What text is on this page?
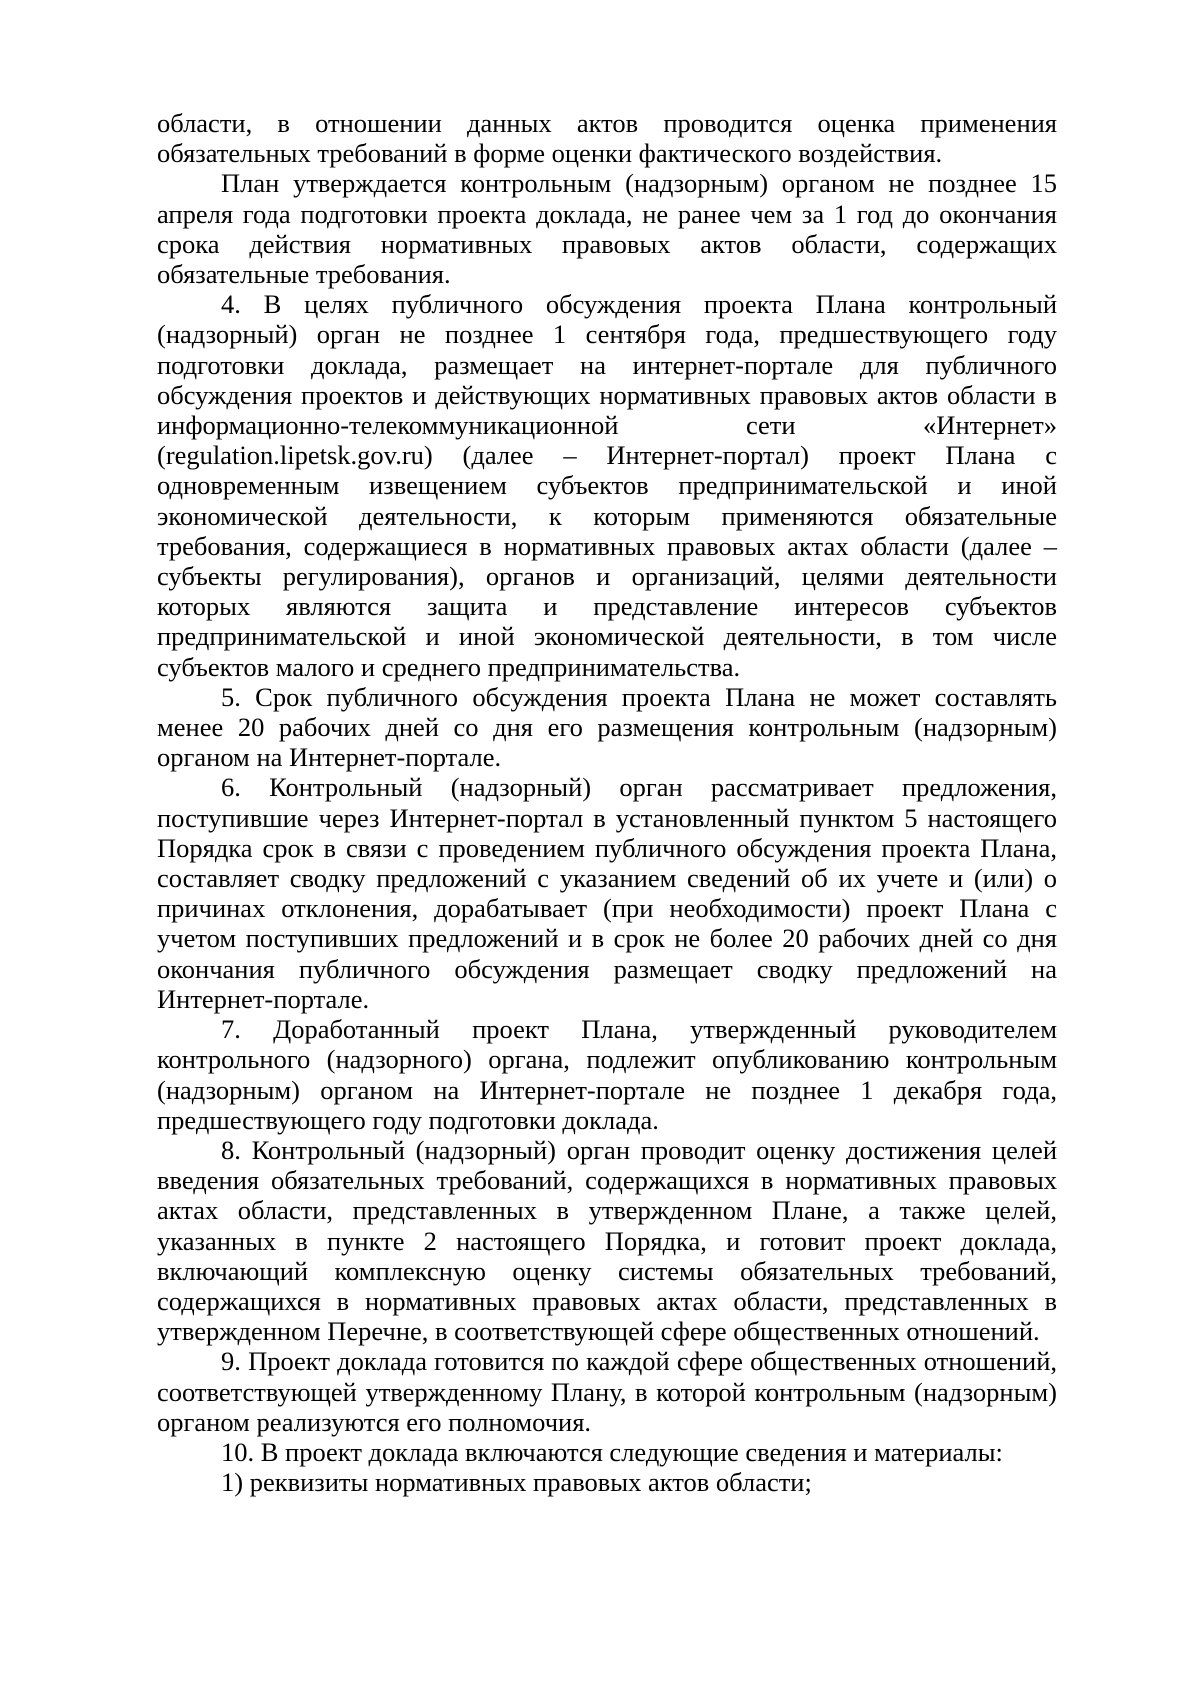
области, в отношении данных актов проводится оценка применения обязательных требований в форме оценки фактического воздействия.

План утверждается контрольным (надзорным) органом не позднее 15 апреля года подготовки проекта доклада, не ранее чем за 1 год до окончания срока действия нормативных правовых актов области, содержащих обязательные требования.

4. В целях публичного обсуждения проекта Плана контрольный (надзорный) орган не позднее 1 сентября года, предшествующего году подготовки доклада, размещает на интернет-портале для публичного обсуждения проектов и действующих нормативных правовых актов области в информационно-телекоммуникационной сети «Интернет» (regulation.lipetsk.gov.ru) (далее – Интернет-портал) проект Плана с одновременным извещением субъектов предпринимательской и иной экономической деятельности, к которым применяются обязательные требования, содержащиеся в нормативных правовых актах области (далее – субъекты регулирования), органов и организаций, целями деятельности которых являются защита и представление интересов субъектов предпринимательской и иной экономической деятельности, в том числе субъектов малого и среднего предпринимательства.

5. Срок публичного обсуждения проекта Плана не может составлять менее 20 рабочих дней со дня его размещения контрольным (надзорным) органом на Интернет-портале.

6. Контрольный (надзорный) орган рассматривает предложения, поступившие через Интернет-портал в установленный пунктом 5 настоящего Порядка срок в связи с проведением публичного обсуждения проекта Плана, составляет сводку предложений с указанием сведений об их учете и (или) о причинах отклонения, дорабатывает (при необходимости) проект Плана с учетом поступивших предложений и в срок не более 20 рабочих дней со дня окончания публичного обсуждения размещает сводку предложений на Интернет-портале.

7. Доработанный проект Плана, утвержденный руководителем контрольного (надзорного) органа, подлежит опубликованию контрольным (надзорным) органом на Интернет-портале не позднее 1 декабря года, предшествующего году подготовки доклада.

8. Контрольный (надзорный) орган проводит оценку достижения целей введения обязательных требований, содержащихся в нормативных правовых актах области, представленных в утвержденном Плане, а также целей, указанных в пункте 2 настоящего Порядка, и готовит проект доклада, включающий комплексную оценку системы обязательных требований, содержащихся в нормативных правовых актах области, представленных в утвержденном Перечне, в соответствующей сфере общественных отношений.

9. Проект доклада готовится по каждой сфере общественных отношений, соответствующей утвержденному Плану, в которой контрольным (надзорным) органом реализуются его полномочия.

10. В проект доклада включаются следующие сведения и материалы:

1) реквизиты нормативных правовых актов области;
